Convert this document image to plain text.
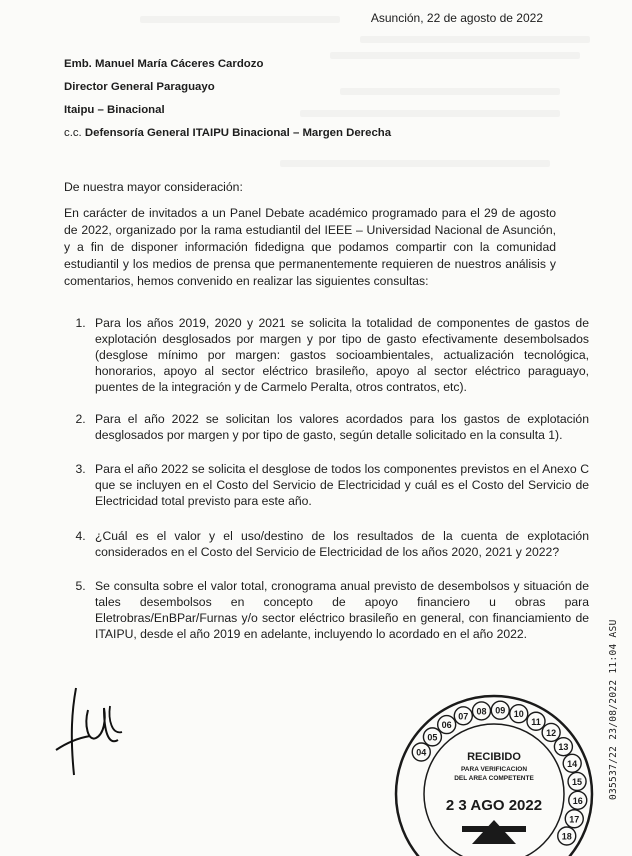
Asunción, 22 de agosto de 2022
Emb. Manuel María Cáceres Cardozo
Director General Paraguayo
Itaipu – Binacional
c.c. Defensoría General ITAIPU Binacional – Margen Derecha
De nuestra mayor consideración:
En carácter de invitados a un Panel Debate académico programado para el 29 de agosto de 2022, organizado por la rama estudiantil del IEEE – Universidad Nacional de Asunción, y a fin de disponer información fidedigna que podamos compartir con la comunidad estudiantil y los medios de prensa que permanentemente requieren de nuestros análisis y comentarios, hemos convenido en realizar las siguientes consultas:
1. Para los años 2019, 2020 y 2021 se solicita la totalidad de componentes de gastos de explotación desglosados por margen y por tipo de gasto efectivamente desembolsados (desglose mínimo por margen: gastos socioambientales, actualización tecnológica, honorarios, apoyo al sector eléctrico brasileño, apoyo al sector eléctrico paraguayo, puentes de la integración y de Carmelo Peralta, otros contratos, etc).
2. Para el año 2022 se solicitan los valores acordados para los gastos de explotación desglosados por margen y por tipo de gasto, según detalle solicitado en la consulta 1).
3. Para el año 2022 se solicita el desglose de todos los componentes previstos en el Anexo C que se incluyen en el Costo del Servicio de Electricidad y cuál es el Costo del Servicio de Electricidad total previsto para este año.
4. ¿Cuál es el valor y el uso/destino de los resultados de la cuenta de explotación considerados en el Costo del Servicio de Electricidad de los años 2020, 2021 y 2022?
5. Se consulta sobre el valor total, cronograma anual previsto de desembolsos y situación de tales desembolsos en concepto de apoyo financiero u obras para Eletrobras/EnBPar/Furnas y/o sector eléctrico brasileño en general, con financiamiento de ITAIPU, desde el año 2019 en adelante, incluyendo lo acordado en el año 2022.	035537/22 23/08/2022 11:04 ASU
04
05
06
07 08 09 10
11
12
13
14
15
16
17
18
RECIBIDO
PARA VERIFICACION
DEL AREA COMPETENTE
2 3 AGO 2022
